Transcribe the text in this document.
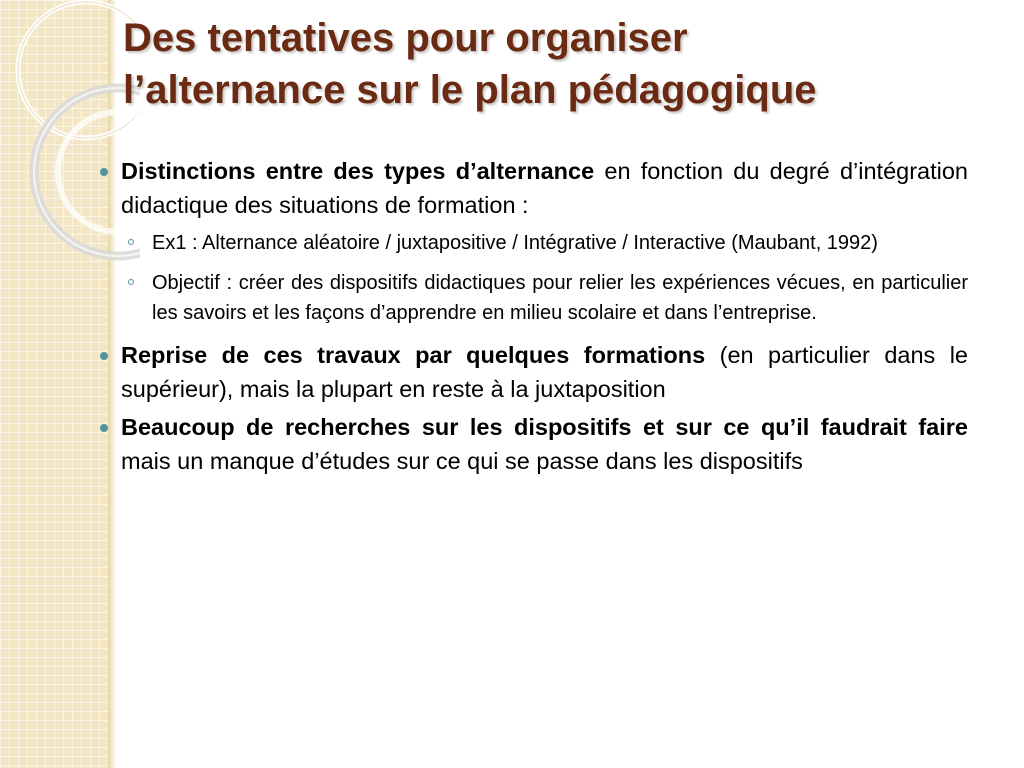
Des tentatives pour organiser
l’alternance sur le plan pédagogique
Distinctions entre des types d’alternance en fonction du degré d’intégration didactique des situations de formation :
Ex1 : Alternance aléatoire / juxtapositive / Intégrative / Interactive (Maubant, 1992)
Objectif : créer des dispositifs didactiques pour relier les expériences vécues, en particulier les savoirs et les façons d’apprendre en milieu scolaire et dans l’entreprise.
Reprise de ces travaux par quelques formations (en particulier dans le supérieur), mais la plupart en reste à la juxtaposition
Beaucoup de recherches sur les dispositifs et sur ce qu’il faudrait faire mais un manque d’études sur ce qui se passe dans les dispositifs
